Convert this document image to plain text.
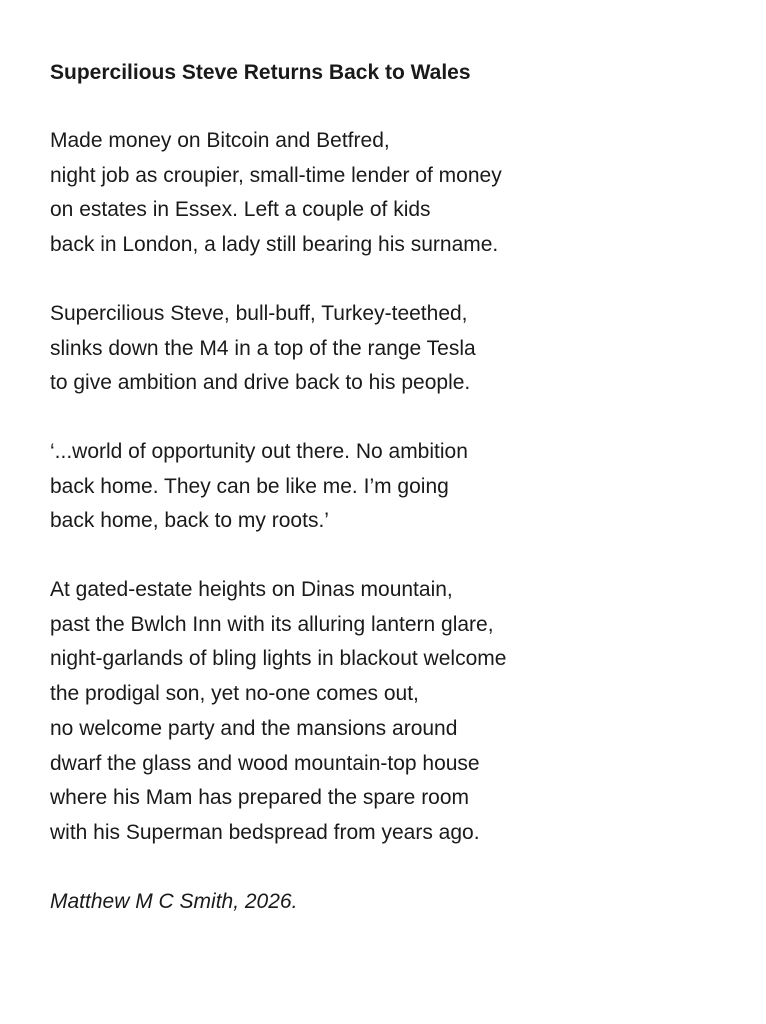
Supercilious Steve Returns Back to Wales
Made money on Bitcoin and Betfred,
night job as croupier, small-time lender of money
on estates in Essex. Left a couple of kids
back in London, a lady still bearing his surname.
Supercilious Steve, bull-buff, Turkey-teethed,
slinks down the M4 in a top of the range Tesla
to give ambition and drive back to his people.
‘...world of opportunity out there. No ambition
back home. They can be like me. I’m going
back home, back to my roots.’
At gated-estate heights on Dinas mountain,
past the Bwlch Inn with its alluring lantern glare,
night-garlands of bling lights in blackout welcome
the prodigal son, yet no-one comes out,
no welcome party and the mansions around
dwarf the glass and wood mountain-top house
where his Mam has prepared the spare room
with his Superman bedspread from years ago.
Matthew M C Smith, 2026.
